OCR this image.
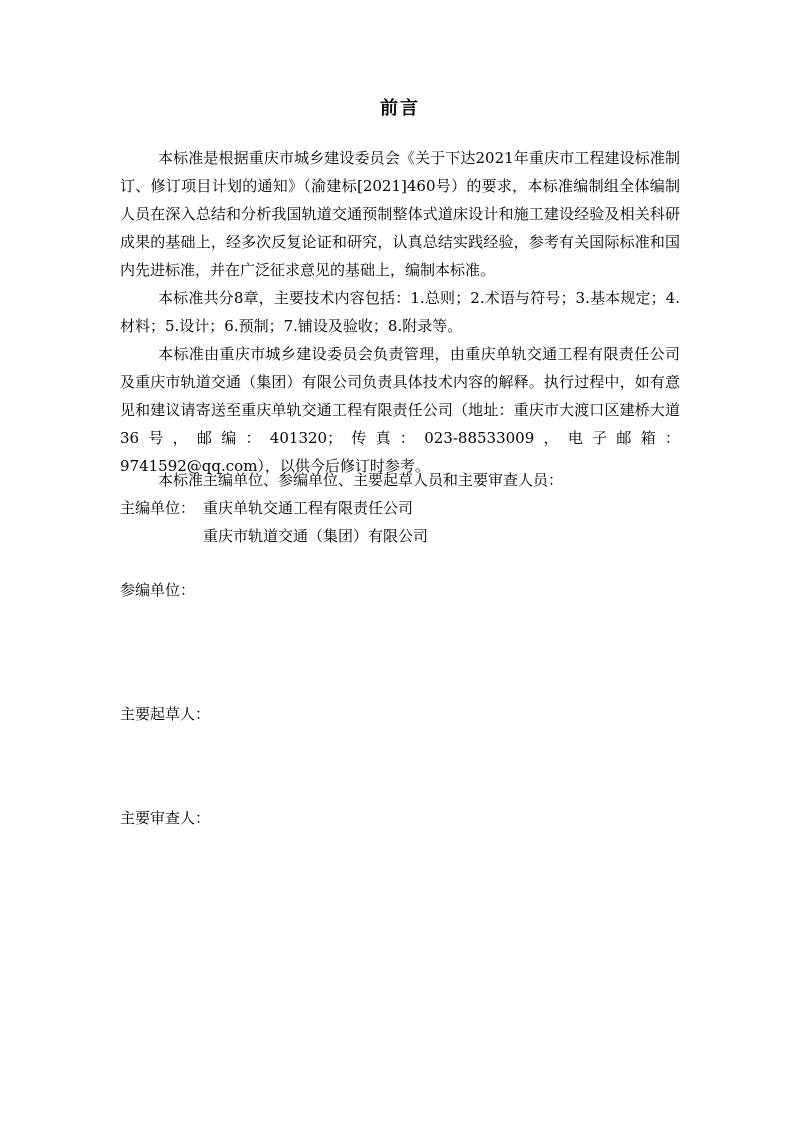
前言
本标准是根据重庆市城乡建设委员会《关于下达2021年重庆市工程建设标准制订、修订项目计划的通知》（渝建标[2021]460号）的要求，本标准编制组全体编制人员在深入总结和分析我国轨道交通预制整体式道床设计和施工建设经验及相关科研成果的基础上，经多次反复论证和研究，认真总结实践经验，参考有关国际标准和国内先进标准，并在广泛征求意见的基础上，编制本标准。
本标准共分8章，主要技术内容包括：1.总则；2.术语与符号；3.基本规定；4.材料；5.设计；6.预制；7.铺设及验收；8.附录等。
本标准由重庆市城乡建设委员会负责管理，由重庆单轨交通工程有限责任公司及重庆市轨道交通（集团）有限公司负责具体技术内容的解释。执行过程中，如有意见和建议请寄送至重庆单轨交通工程有限责任公司（地址：重庆市大渡口区建桥大道36号，邮编：401320；传真：023-88533009，电子邮箱：9741592@qq.com），以供今后修订时参考。
本标准主编单位、参编单位、主要起草人员和主要审查人员：
主编单位： 重庆单轨交通工程有限责任公司
重庆市轨道交通（集团）有限公司
参编单位：
主要起草人：
主要审查人：
